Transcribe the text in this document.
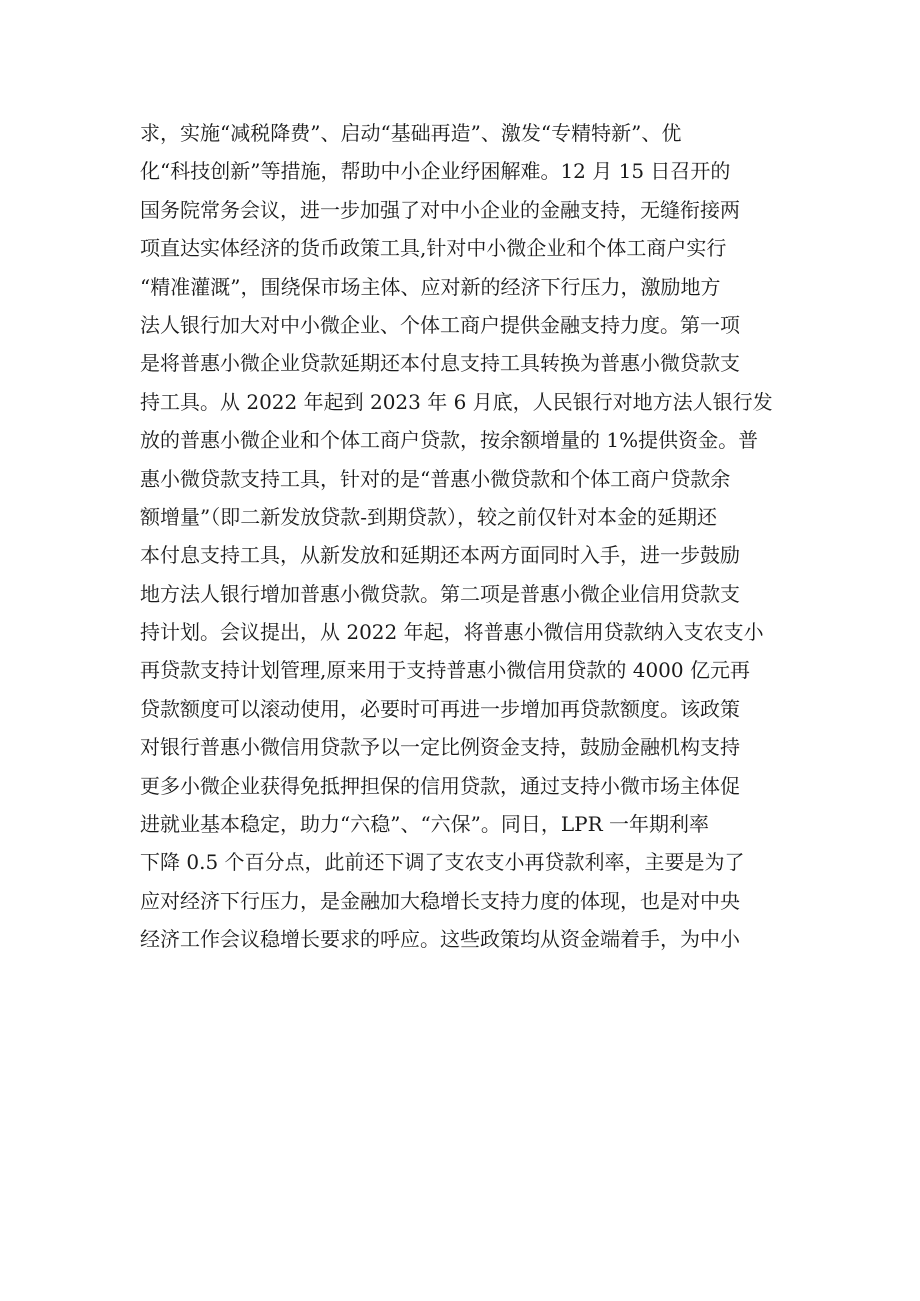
求，实施“减税降费”、启动“基础再造”、激发“专精特新”、优
化“科技创新”等措施，帮助中小企业纾困解难。12 月 15 日召开的
国务院常务会议，进一步加强了对中小企业的金融支持，无缝衔接两
项直达实体经济的货币政策工具,针对中小微企业和个体工商户实行
“精准灌溉”，围绕保市场主体、应对新的经济下行压力，激励地方
法人银行加大对中小微企业、个体工商户提供金融支持力度。第一项
是将普惠小微企业贷款延期还本付息支持工具转换为普惠小微贷款支
持工具。从 2022 年起到 2023 年 6 月底，人民银行对地方法人银行发
放的普惠小微企业和个体工商户贷款，按余额增量的 1%提供资金。普
惠小微贷款支持工具，针对的是“普惠小微贷款和个体工商户贷款余
额增量”（即二新发放贷款-到期贷款），较之前仅针对本金的延期还
本付息支持工具，从新发放和延期还本两方面同时入手，进一步鼓励
地方法人银行增加普惠小微贷款。第二项是普惠小微企业信用贷款支
持计划。会议提出，从 2022 年起，将普惠小微信用贷款纳入支农支小
再贷款支持计划管理,原来用于支持普惠小微信用贷款的 4000 亿元再
贷款额度可以滚动使用，必要时可再进一步增加再贷款额度。该政策
对银行普惠小微信用贷款予以一定比例资金支持，鼓励金融机构支持
更多小微企业获得免抵押担保的信用贷款，通过支持小微市场主体促
进就业基本稳定，助力“六稳”、“六保”。同日，LPR 一年期利率
下降 0.5 个百分点，此前还下调了支农支小再贷款利率，主要是为了
应对经济下行压力，是金融加大稳增长支持力度的体现，也是对中央
经济工作会议稳增长要求的呼应。这些政策均从资金端着手，为中小
